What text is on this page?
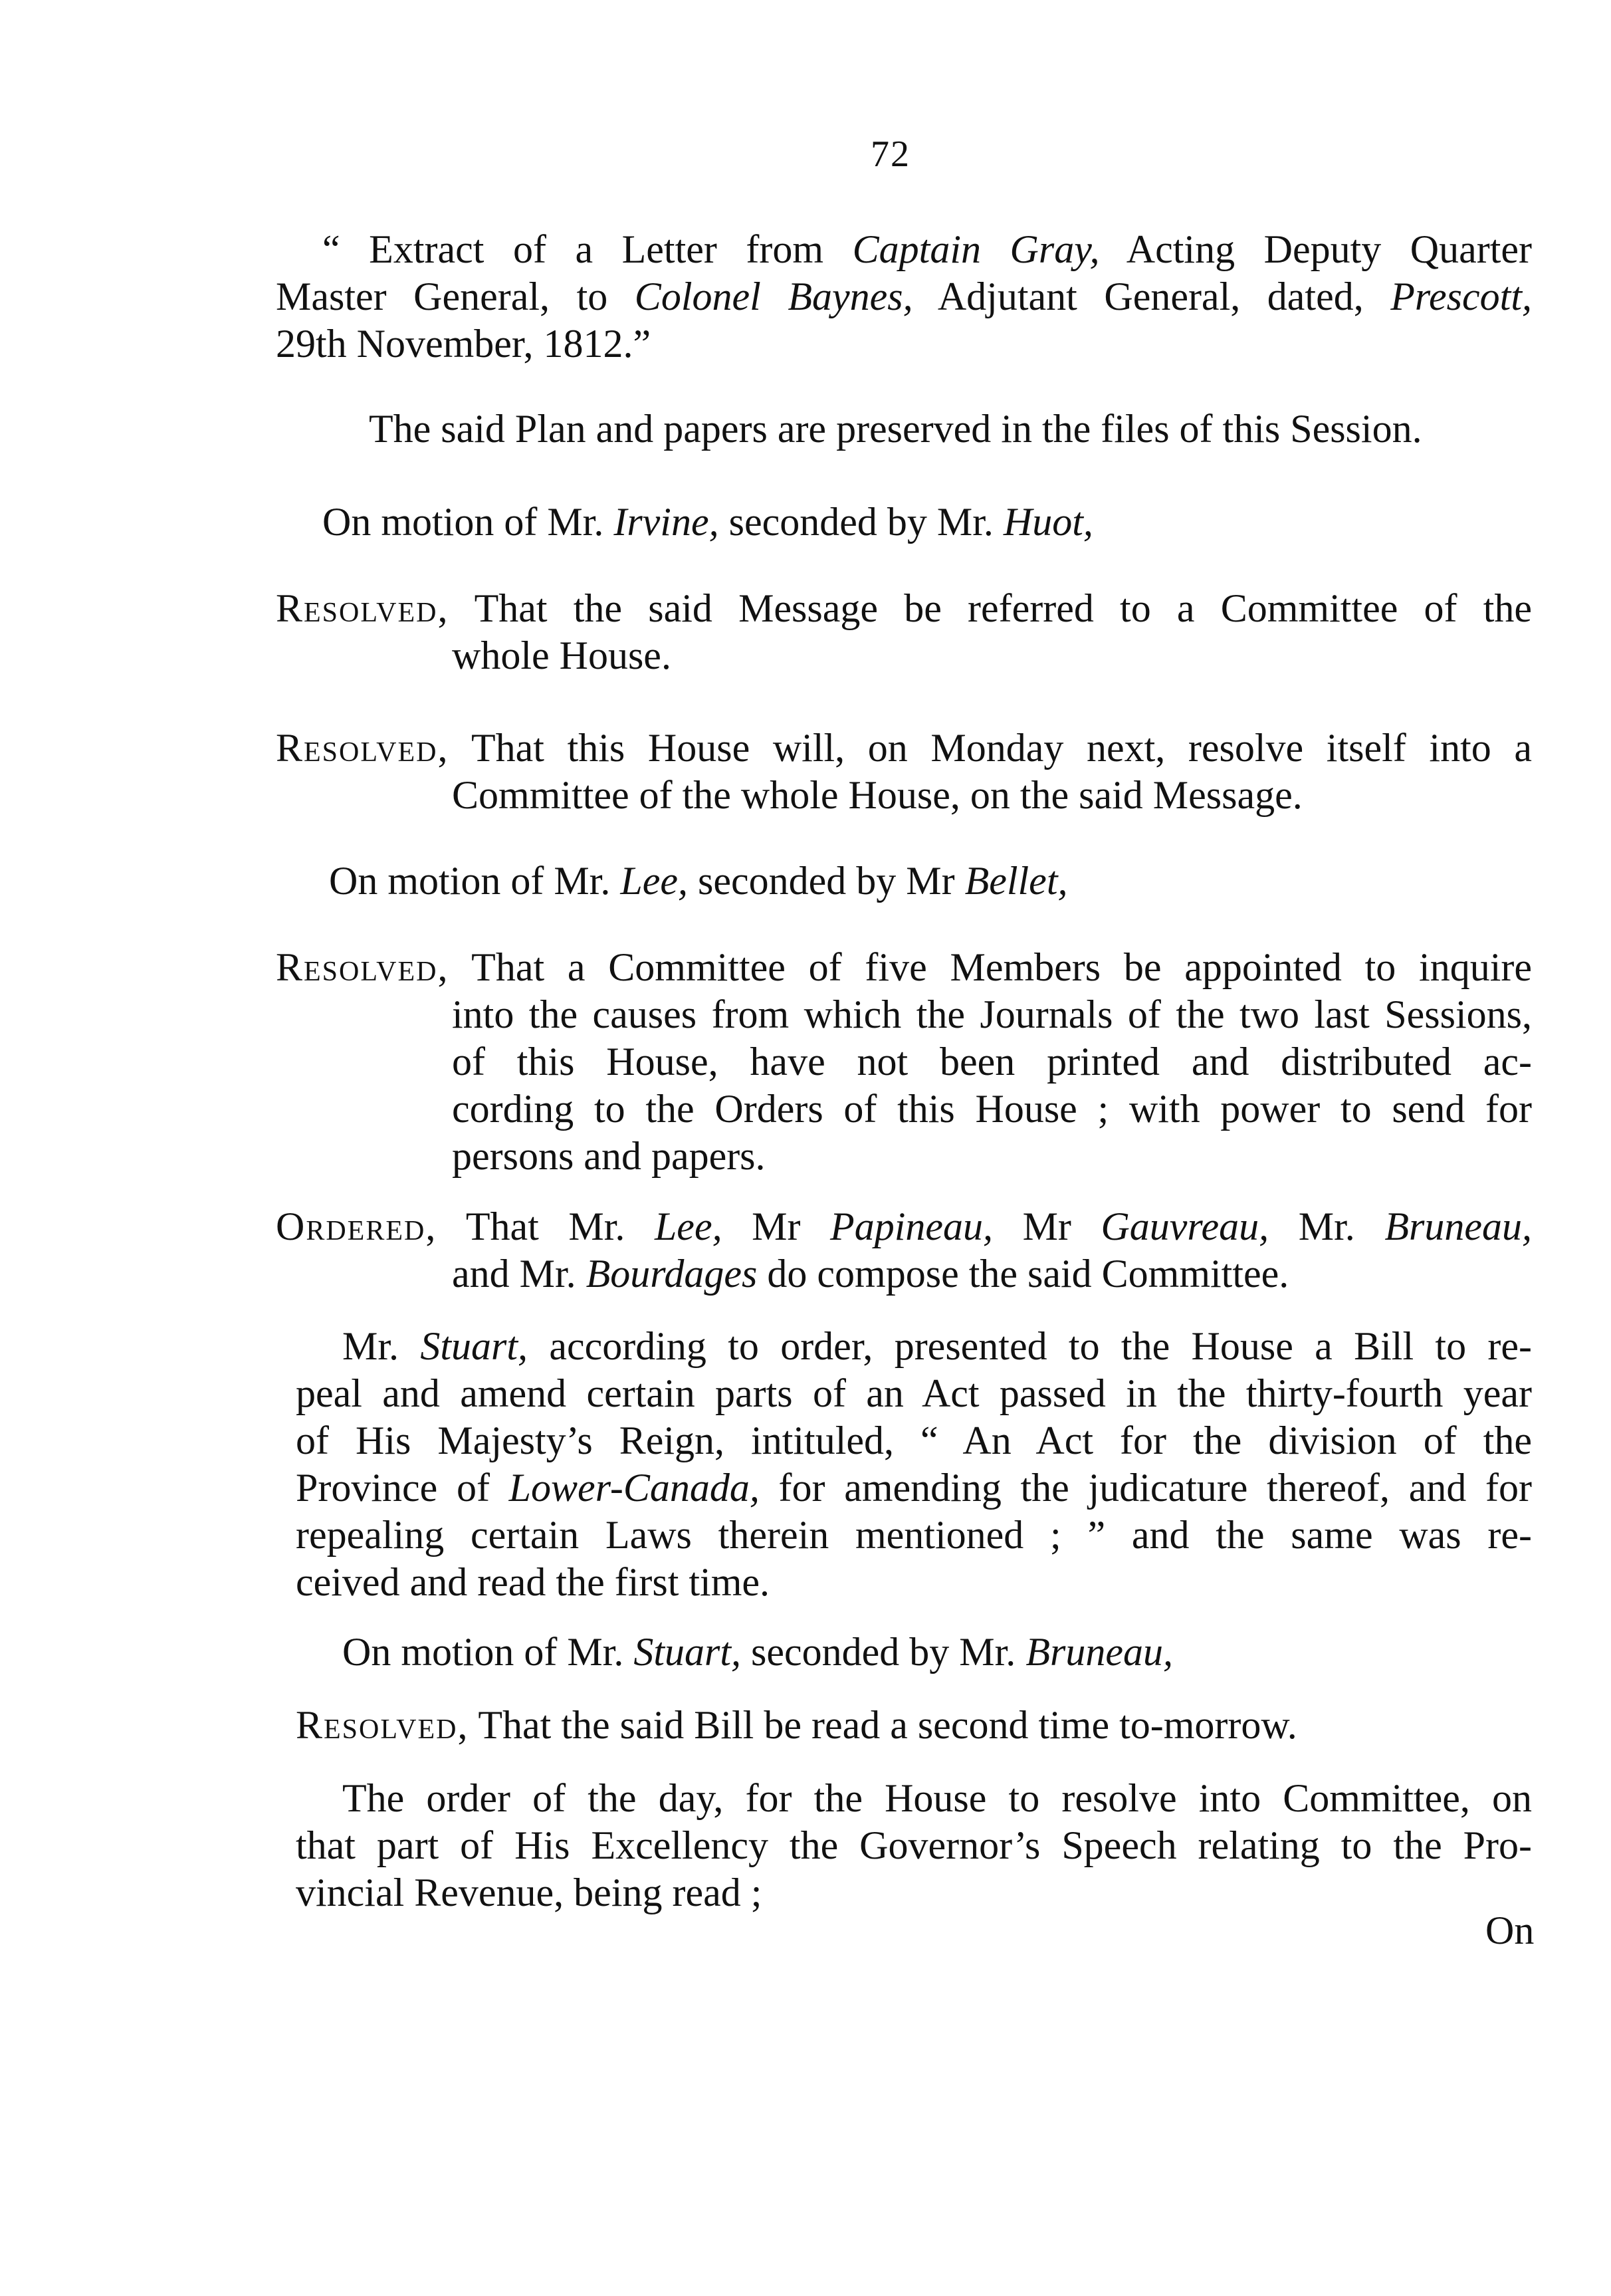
72
“ Extract of a Letter from Captain Gray, Acting Deputy Quarter
Master General, to Colonel Baynes, Adjutant General, dated, Prescott,
29th November, 1812.”
The said Plan and papers are preserved in the files of this Session.
On motion of Mr. Irvine, seconded by Mr. Huot,
Resolved, That the said Message be referred to a Committee of the
whole House.
Resolved, That this House will, on Monday next, resolve itself into a
Committee of the whole House, on the said Message.
On motion of Mr. Lee, seconded by Mr Bellet,
Resolved, That a Committee of five Members be appointed to inquire
into the causes from which the Journals of the two last Sessions,
of this House, have not been printed and distributed ac-
cording to the Orders of this House ; with power to send for
persons and papers.
Ordered, That Mr. Lee, Mr Papineau, Mr Gauvreau, Mr. Bruneau,
and Mr. Bourdages do compose the said Committee.
Mr. Stuart, according to order, presented to the House a Bill to re-
peal and amend certain parts of an Act passed in the thirty-fourth year
of His Majesty’s Reign, intituled, “ An Act for the division of the
Province of Lower-Canada, for amending the judicature thereof, and for
repealing certain Laws therein mentioned ; ” and the same was re-
ceived and read the first time.
On motion of Mr. Stuart, seconded by Mr. Bruneau,
Resolved, That the said Bill be read a second time to-morrow.
The order of the day, for the House to resolve into Committee, on
that part of His Excellency the Governor’s Speech relating to the Pro-
vincial Revenue, being read ;
On
